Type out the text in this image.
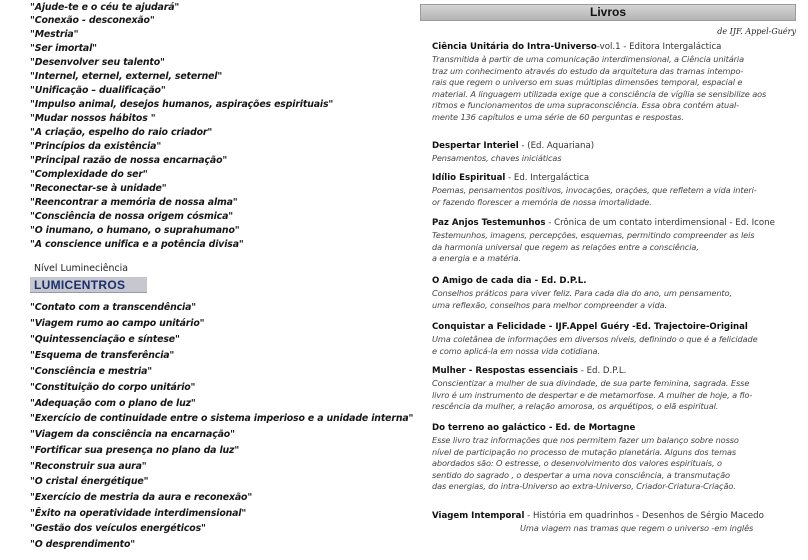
"Ajude-te e o céu te ajudará"
"Conexão - desconexão"
"Mestria"
"Ser imortal"
"Desenvolver seu talento"
"Internel, eternel, externel, seternel"
"Unificação – dualificação"
"Impulso animal, desejos humanos, aspirações espirituais"
"Mudar nossos hábitos "
"A criação, espelho do raio criador"
"Princípios da existência"
"Principal razão de nossa encarnação"
"Complexidade do ser"
"Reconectar-se à unidade"
"Reencontrar a memória de nossa alma"
"Consciência de nossa origem cósmica"
"O inumano, o humano, o suprahumano"
"A conscience unifica e a potência divisa"
Nível Lumineciência
LUMICENTROS
"Contato com a transcendência"
"Viagem rumo ao campo unitário"
"Quintessenciação e síntese"
"Esquema de transferência"
"Consciência e mestria"
"Constituição do corpo unitário"
"Adequação com o plano de luz"
"Exercício de continuidade entre o sistema imperioso e a unidade interna"
"Viagem da consciência na encarnação"
"Fortificar sua presença no plano da luz"
"Reconstruir sua aura"
"O cristal énergétique"
"Exercício de mestria da aura e reconexão"
"Êxito na operatividade interdimensional"
"Gestão dos veículos energéticos"
"O desprendimento"
Livros
de IJF. Appel-Guéry
Ciência Unitária do Intra-Universo-vol.1 - Editora Intergaláctica
Transmitida à partir de uma comunicação interdimensional, a Ciência unitária
traz um conhecimento através do estudo da arquitetura das tramas intempo-
rais que regem o universo em suas múltiplas dimensões temporal, espacial e
material. A linguagem utilizada exige que a consciência de vígília se sensibilize aos
ritmos e funcionamentos de uma supraconsciência. Essa obra contém atual-
mente 136 capítulos e uma série de 60 perguntas e respostas.
Despertar Interiel - (Ed. Aquariana)
Pensamentos, chaves iniciáticas
Idílio Espiritual - Ed. Intergaláctica
Poemas, pensamentos positivos, invocações, orações, que refletem a vida interi-
or fazendo florescer a memória de nossa imortalidade.
Paz Anjos Testemunhos - Crônica de um contato interdimensional - Ed. Icone
Testemunhos, imagens, percepções, esquemas, permitindo compreender as leis
da harmonia universal que regem as relações entre a consciência,
a energia e a matéria.
O Amigo de cada dia - Ed. D.P.L.
Conselhos práticos para viver feliz. Para cada dia do ano, um pensamento,
uma reflexão, conselhos para melhor compreender a vida.
Conquistar a Felicidade - IJF.Appel Guéry -Ed. Trajectoire-Original
Uma coletânea de informações em diversos níveis, definindo o que é a felicidade
e como aplicá-la em nossa vida cotidiana.
Mulher - Respostas essenciais - Ed. D.P.L.
Conscientizar a mulher de sua divindade, de sua parte feminina, sagrada. Esse
livro é um instrumento de despertar e de metamorfose. A mulher de hoje, a flo-
rescência da mulher, a relação amorosa, os arquétipos, o elã espiritual.
Do terreno ao galáctico - Ed. de Mortagne
Esse livro traz informações que nos permitem fazer um balanço sobre nosso
nível de participação no processo de mutação planetária. Alguns dos temas
abordados são: O estresse, o desenvolvimento dos valores espirituais, o
sentido do sagrado , o despertar a uma nova consciência, a transmutação
das energias, do intra-Universo ao extra-Universo, Criador-Criatura-Criação.
Viagem Intemporal - História em quadrinhos - Desenhos de Sérgio Macedo
Uma viagem nas tramas que regem o universo -em inglês
